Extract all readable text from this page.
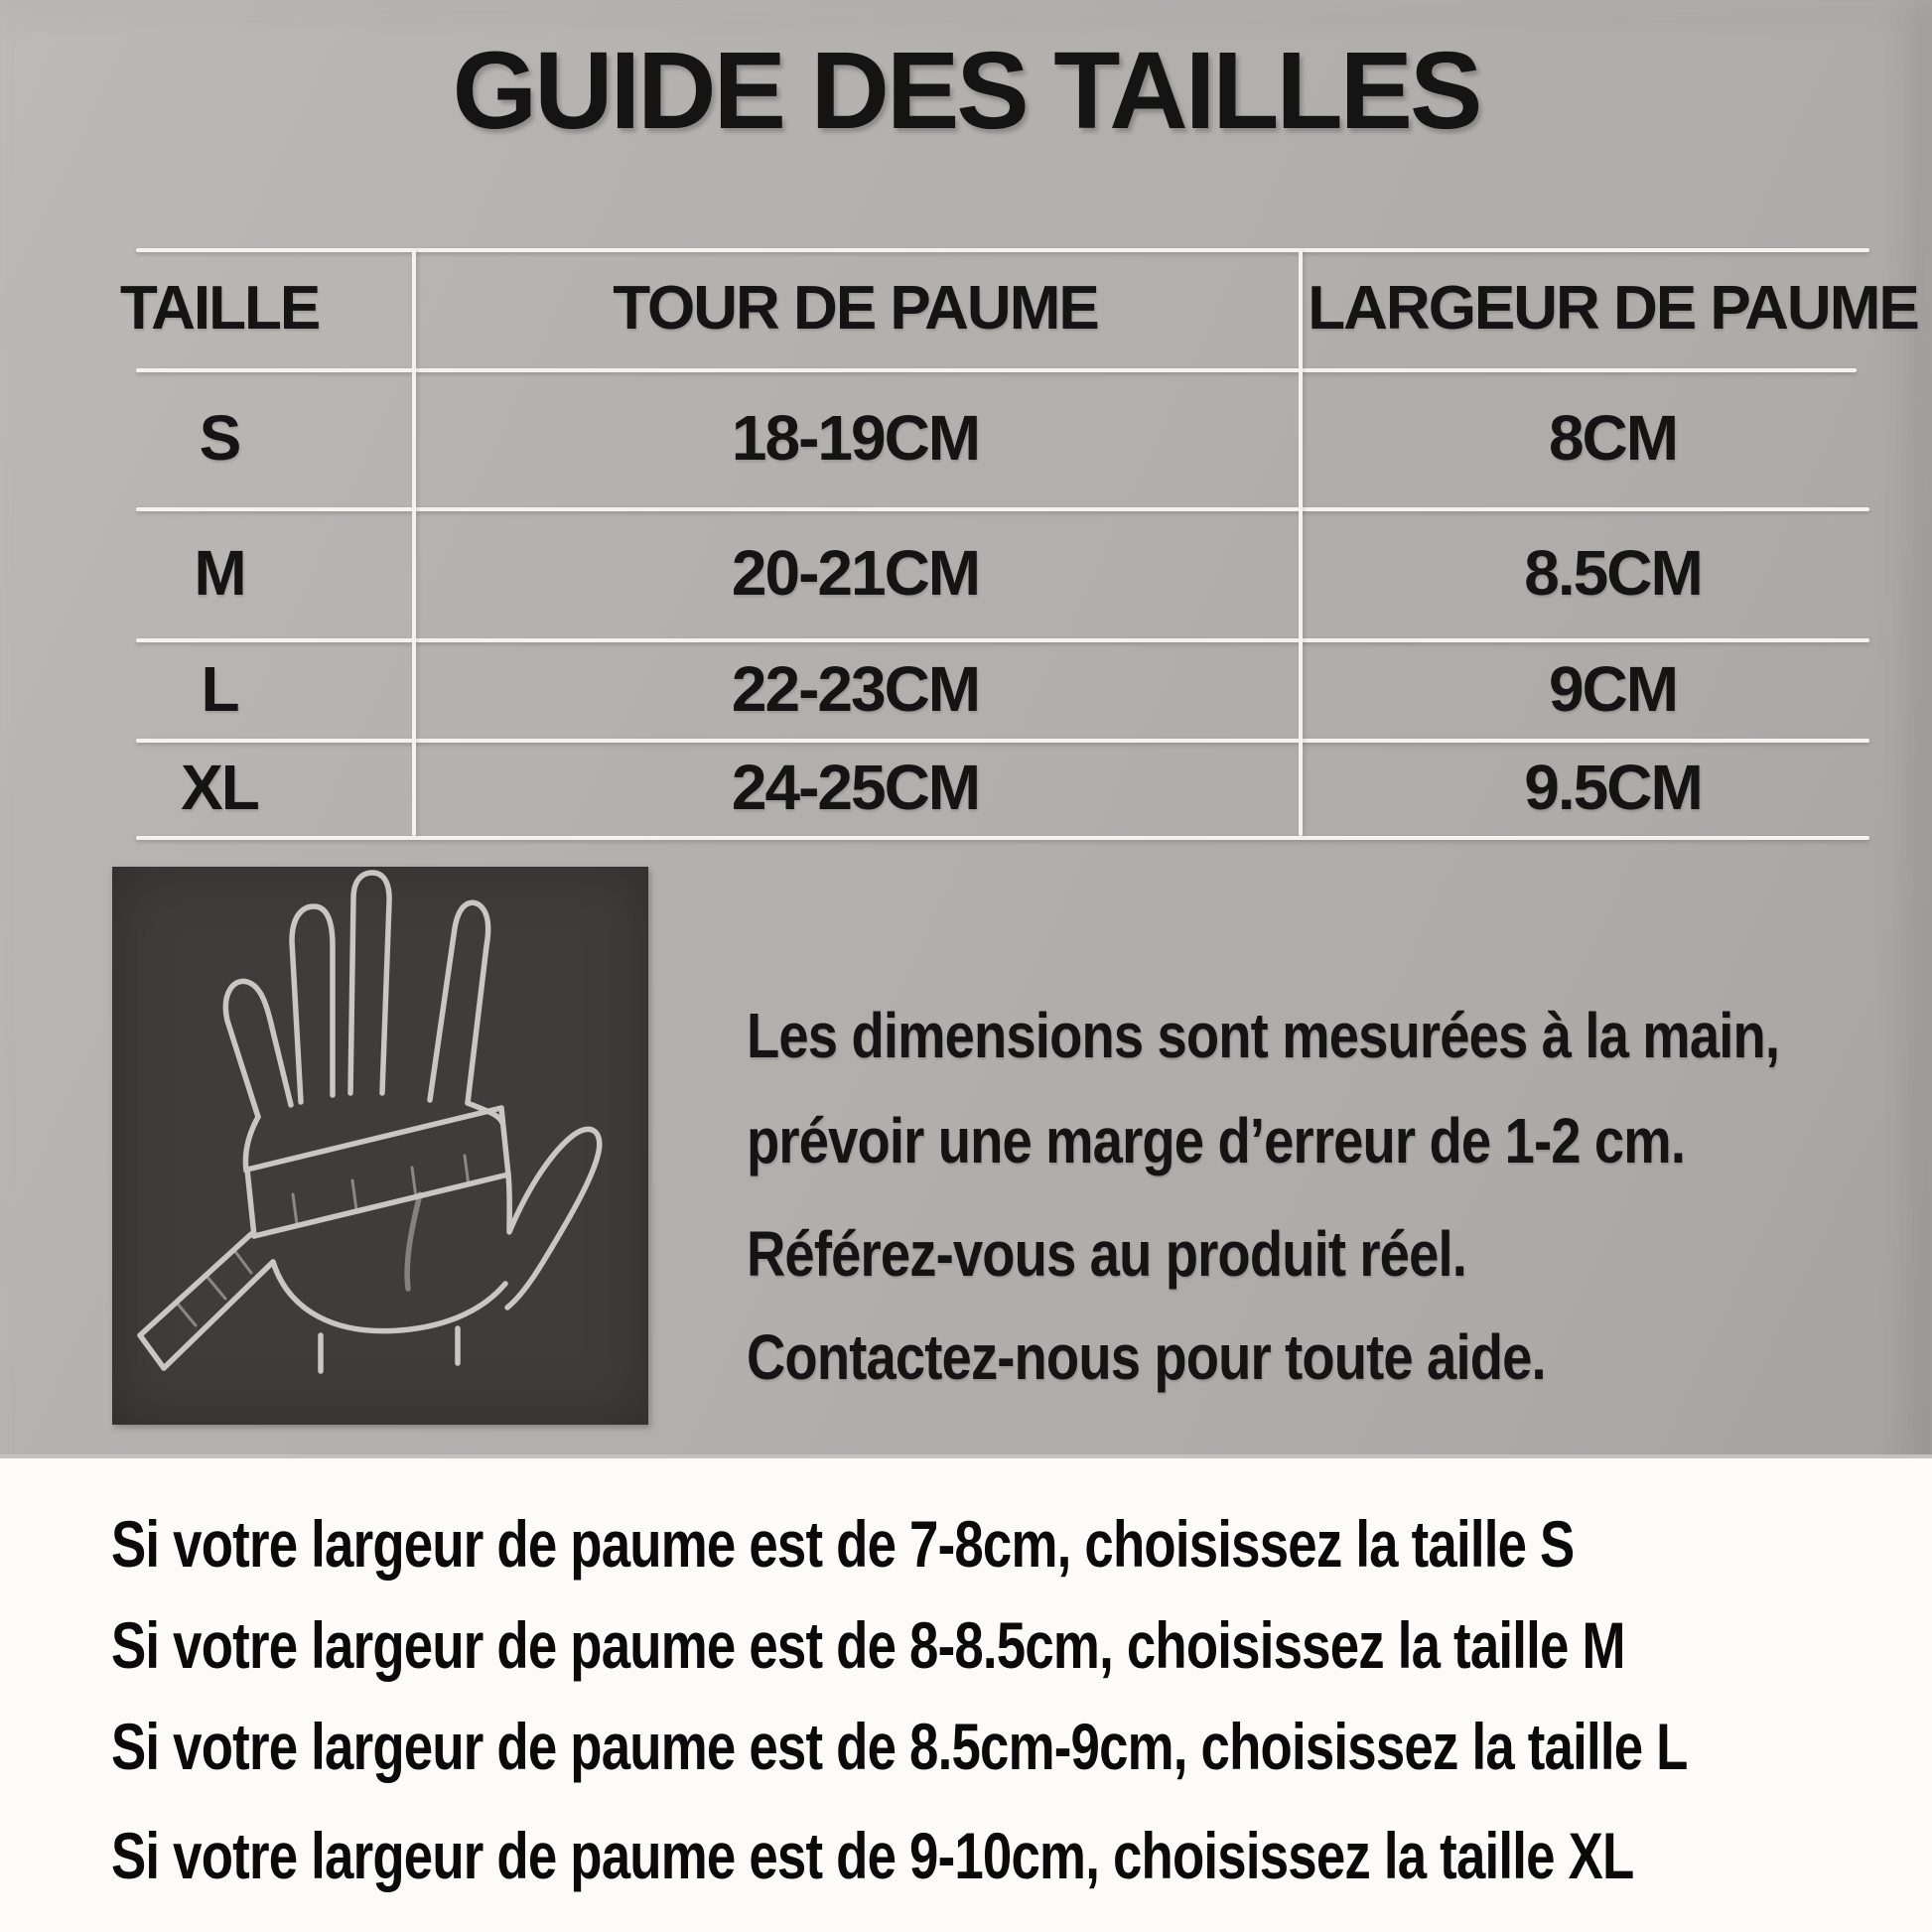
GUIDE DES TAILLES
TAILLE	TOUR DE PAUME	LARGEUR DE PAUME
S	18-19CM	8CM
M	20-21CM	8.5CM
L	22-23CM	9CM
XL	24-25CM	9.5CM
Les dimensions sont mesurées à la main,
prévoir une marge d’erreur de 1-2 cm.
Référez-vous au produit réel.
Contactez-nous pour toute aide.
Si votre largeur de paume est de 7-8cm, choisissez la taille S
Si votre largeur de paume est de 8-8.5cm, choisissez la taille M
Si votre largeur de paume est de 8.5cm-9cm, choisissez la taille L
Si votre largeur de paume est de 9-10cm, choisissez la taille XL
